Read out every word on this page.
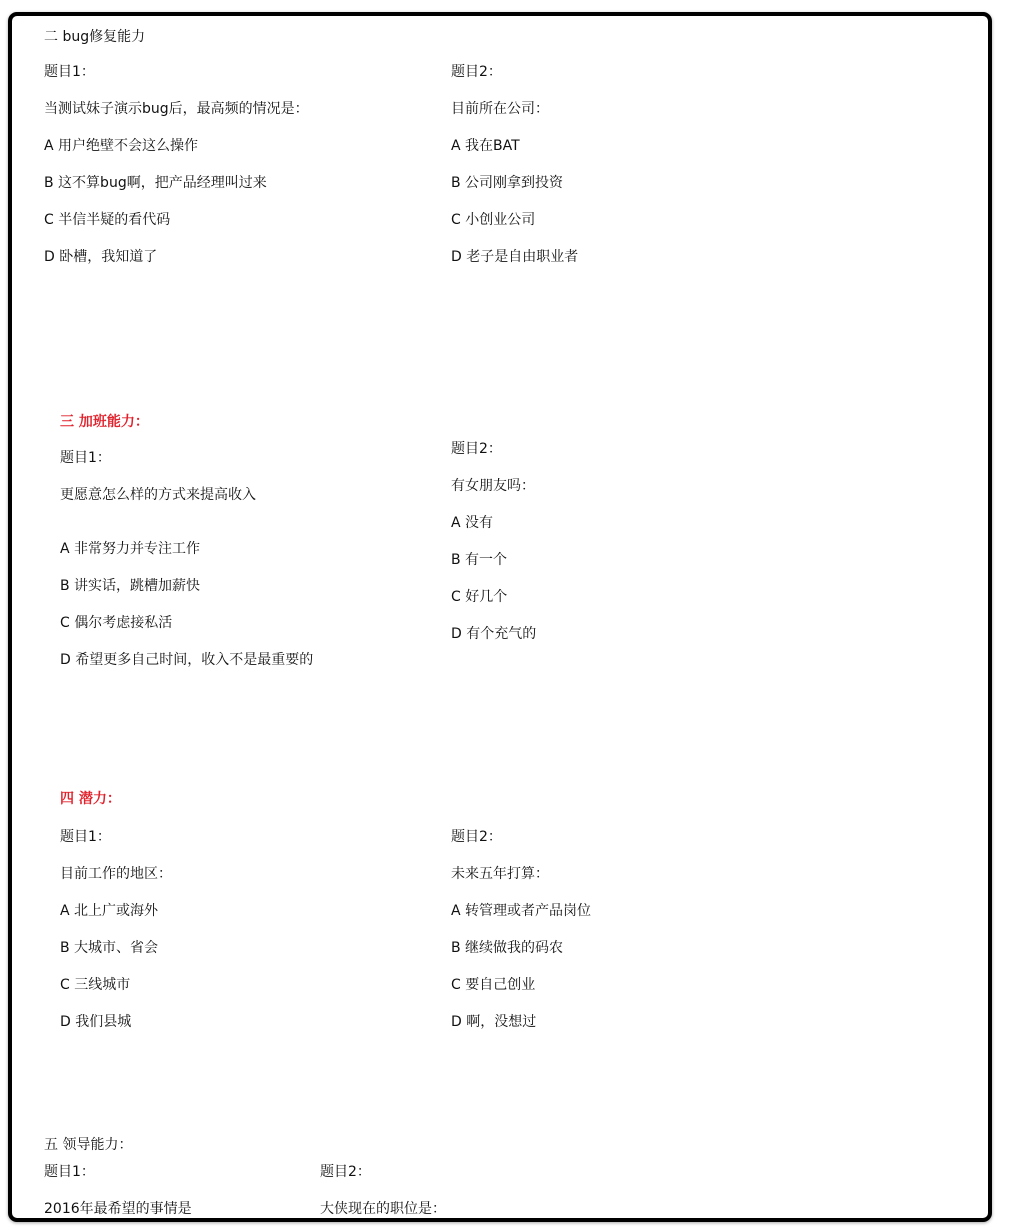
二 bug修复能力
题目1：
当测试妹子演示bug后，最高频的情况是：
A 用户绝壁不会这么操作
B 这不算bug啊，把产品经理叫过来
C 半信半疑的看代码
D 卧槽，我知道了
题目2：
目前所在公司：
A 我在BAT
B 公司刚拿到投资
C 小创业公司
D 老子是自由职业者
三 加班能力：
题目1：
更愿意怎么样的方式来提高收入
A 非常努力并专注工作
B 讲实话，跳槽加薪快
C 偶尔考虑接私活
D 希望更多自己时间，收入不是最重要的
题目2：
有女朋友吗：
A 没有
B 有一个
C 好几个
D 有个充气的
四 潜力：
题目1：
目前工作的地区：
A 北上广或海外
B 大城市、省会
C 三线城市
D 我们县城
题目2：
未来五年打算：
A 转管理或者产品岗位
B 继续做我的码农
C 要自己创业
D 啊，没想过
五 领导能力：
题目1：
2016年最希望的事情是
题目2：
大侠现在的职位是：
